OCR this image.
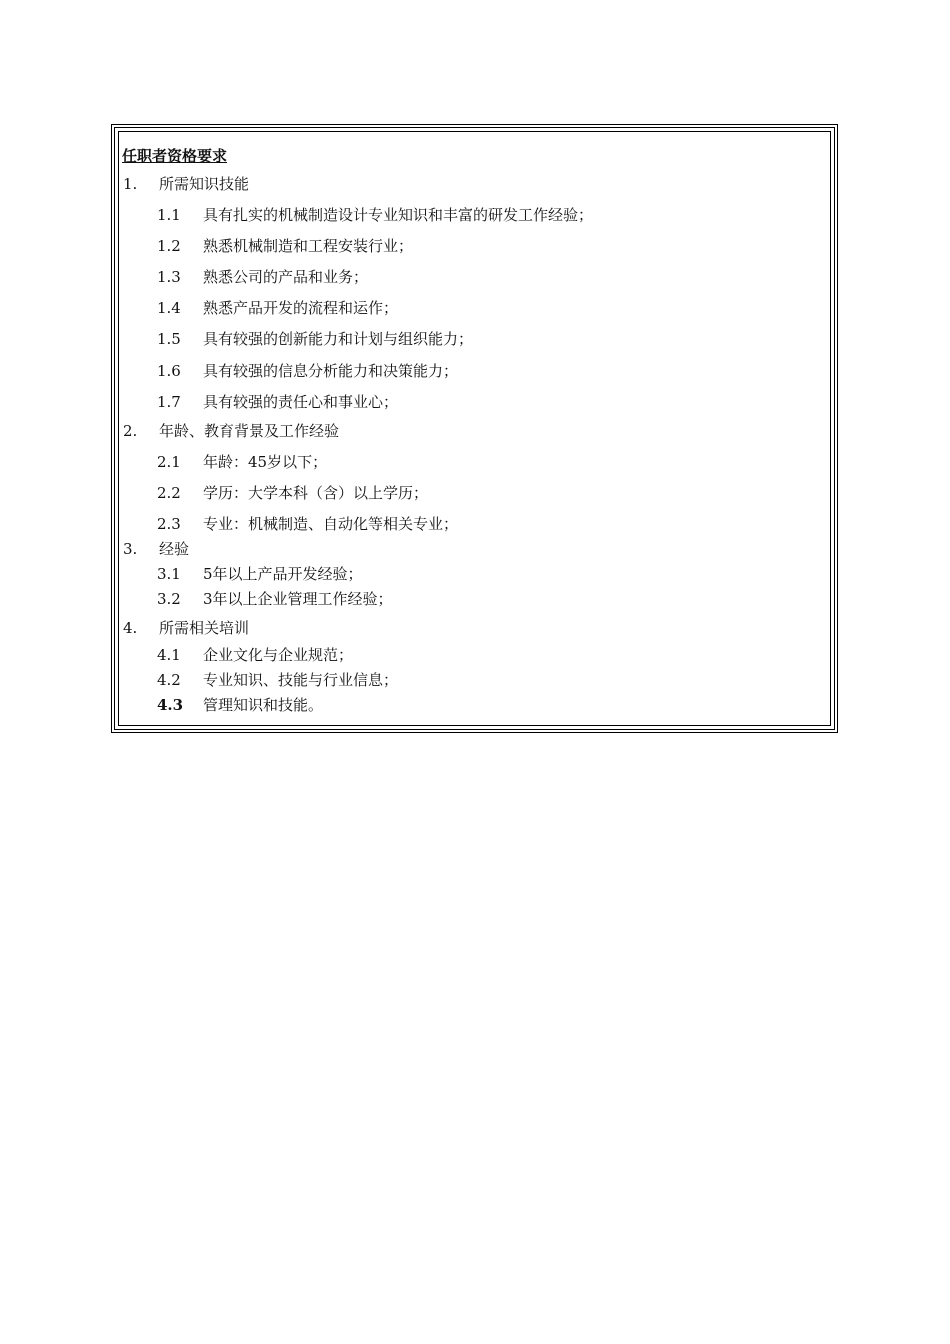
任职者资格要求
1. 所需知识技能
1.1 具有扎实的机械制造设计专业知识和丰富的研发工作经验；
1.2 熟悉机械制造和工程安装行业；
1.3 熟悉公司的产品和业务；
1.4 熟悉产品开发的流程和运作；
1.5 具有较强的创新能力和计划与组织能力；
1.6 具有较强的信息分析能力和决策能力；
1.7 具有较强的责任心和事业心；
2. 年龄、教育背景及工作经验
2.1 年龄：45岁以下；
2.2 学历：大学本科（含）以上学历；
2.3 专业：机械制造、自动化等相关专业；
3. 经验
3.1 5年以上产品开发经验；
3.2 3年以上企业管理工作经验；
4. 所需相关培训
4.1 企业文化与企业规范；
4.2 专业知识、技能与行业信息；
4.3 管理知识和技能。
